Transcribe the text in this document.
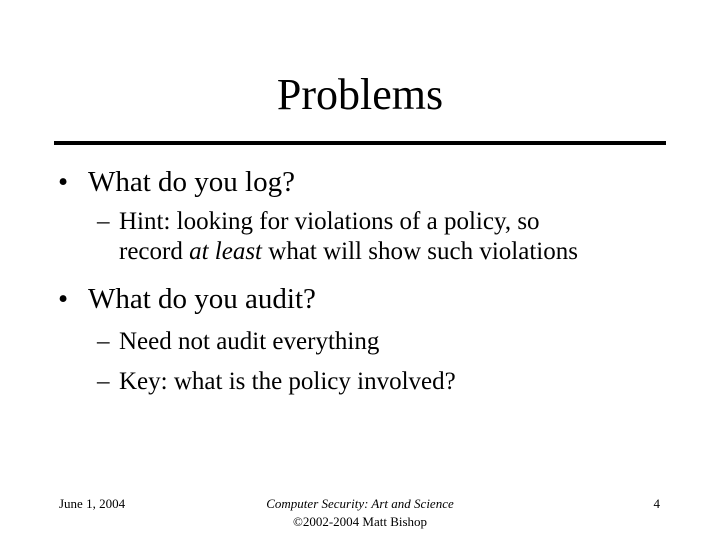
Problems
• What do you log?
– Hint: looking for violations of a policy, so
record at least what will show such violations
• What do you audit?
– Need not audit everything
– Key: what is the policy involved?
June 1, 2004	Computer Security: Art and Science
©2002-2004 Matt Bishop
4
